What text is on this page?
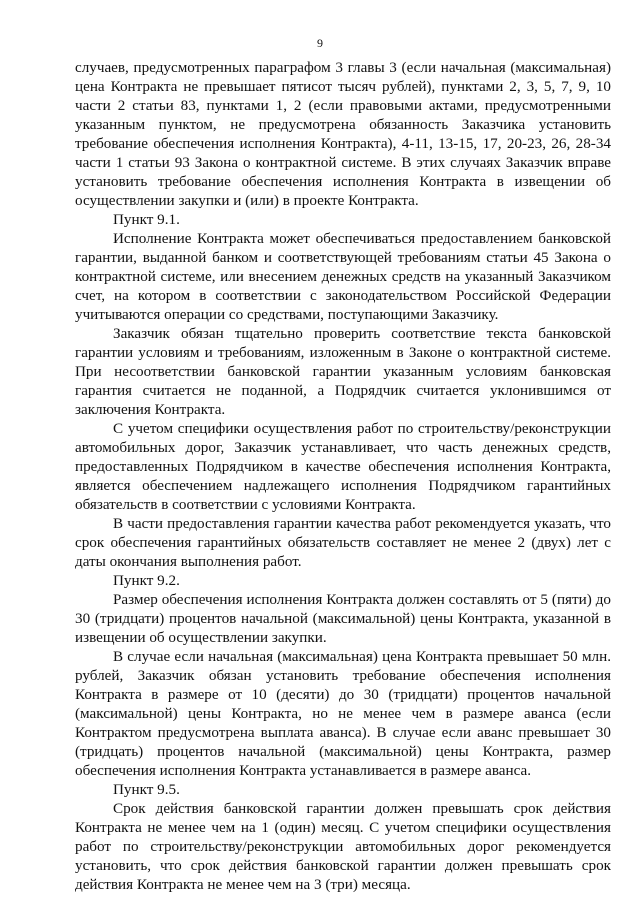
9

случаев, предусмотренных параграфом 3 главы 3 (если начальная (максимальная) цена Контракта не превышает пятисот тысяч рублей), пунктами 2, 3, 5, 7, 9, 10 части 2 статьи 83, пунктами 1, 2 (если правовыми актами, предусмотренными указанным пунктом, не предусмотрена обязанность Заказчика установить требование обеспечения исполнения Контракта), 4-11, 13-15, 17, 20-23, 26, 28-34 части 1 статьи 93 Закона о контрактной системе. В этих случаях Заказчик вправе установить требование обеспечения исполнения Контракта в извещении об осуществлении закупки и (или) в проекте Контракта.

Пункт 9.1.

Исполнение Контракта может обеспечиваться предоставлением банковской гарантии, выданной банком и соответствующей требованиям статьи 45 Закона о контрактной системе, или внесением денежных средств на указанный Заказчиком счет, на котором в соответствии с законодательством Российской Федерации учитываются операции со средствами, поступающими Заказчику.

Заказчик обязан тщательно проверить соответствие текста банковской гарантии условиям и требованиям, изложенным в Законе о контрактной системе. При несоответствии банковской гарантии указанным условиям банковская гарантия считается не поданной, а Подрядчик считается уклонившимся от заключения Контракта.

С учетом специфики осуществления работ по строительству/реконструкции автомобильных дорог, Заказчик устанавливает, что часть денежных средств, предоставленных Подрядчиком в качестве обеспечения исполнения Контракта, является обеспечением надлежащего исполнения Подрядчиком гарантийных обязательств в соответствии с условиями Контракта.

В части предоставления гарантии качества работ рекомендуется указать, что срок обеспечения гарантийных обязательств составляет не менее 2 (двух) лет с даты окончания выполнения работ.

Пункт 9.2.

Размер обеспечения исполнения Контракта должен составлять от 5 (пяти) до 30 (тридцати) процентов начальной (максимальной) цены Контракта, указанной в извещении об осуществлении закупки.

В случае если начальная (максимальная) цена Контракта превышает 50 млн. рублей, Заказчик обязан установить требование обеспечения исполнения Контракта в размере от 10 (десяти) до 30 (тридцати) процентов начальной (максимальной) цены Контракта, но не менее чем в размере аванса (если Контрактом предусмотрена выплата аванса). В случае если аванс превышает 30 (тридцать) процентов начальной (максимальной) цены Контракта, размер обеспечения исполнения Контракта устанавливается в размере аванса.

Пункт 9.5.

Срок действия банковской гарантии должен превышать срок действия Контракта не менее чем на 1 (один) месяц. С учетом специфики осуществления работ по строительству/реконструкции автомобильных дорог рекомендуется установить, что срок действия банковской гарантии должен превышать срок действия Контракта не менее чем на 3 (три) месяца.
